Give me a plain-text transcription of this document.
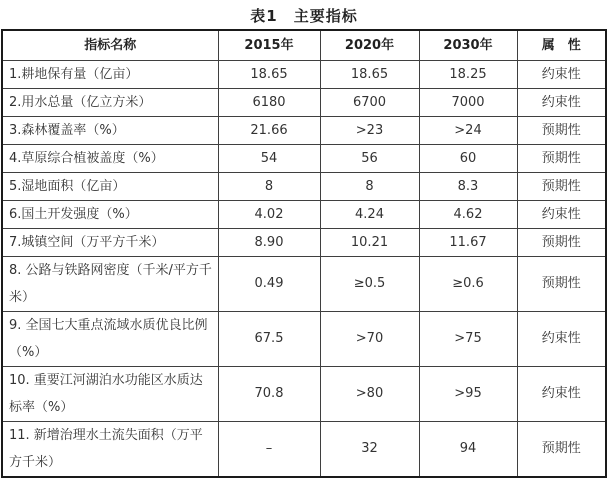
表1　主要指标
指标名称	2015年	2020年	2030年	属　性
1.耕地保有量（亿亩）	18.65	18.65	18.25	约束性
2.用水总量（亿立方米）	6180	6700	7000	约束性
3.森林覆盖率（%）	21.66	>23	>24	预期性
4.草原综合植被盖度（%）	54	56	60	预期性
5.湿地面积（亿亩）	8	8	8.3	预期性
6.国土开发强度（%）	4.02	4.24	4.62	约束性
7.城镇空间（万平方千米）	8.90	10.21	11.67	预期性
8. 公路与铁路网密度（千米/平方千米）	0.49	≥0.5	≥0.6	预期性
9. 全国七大重点流域水质优良比例（%）	67.5	>70	>75	约束性
10. 重要江河湖泊水功能区水质达标率（%）	70.8	>80	>95	约束性
11. 新增治理水土流失面积（万平方千米）	–	32	94	预期性
